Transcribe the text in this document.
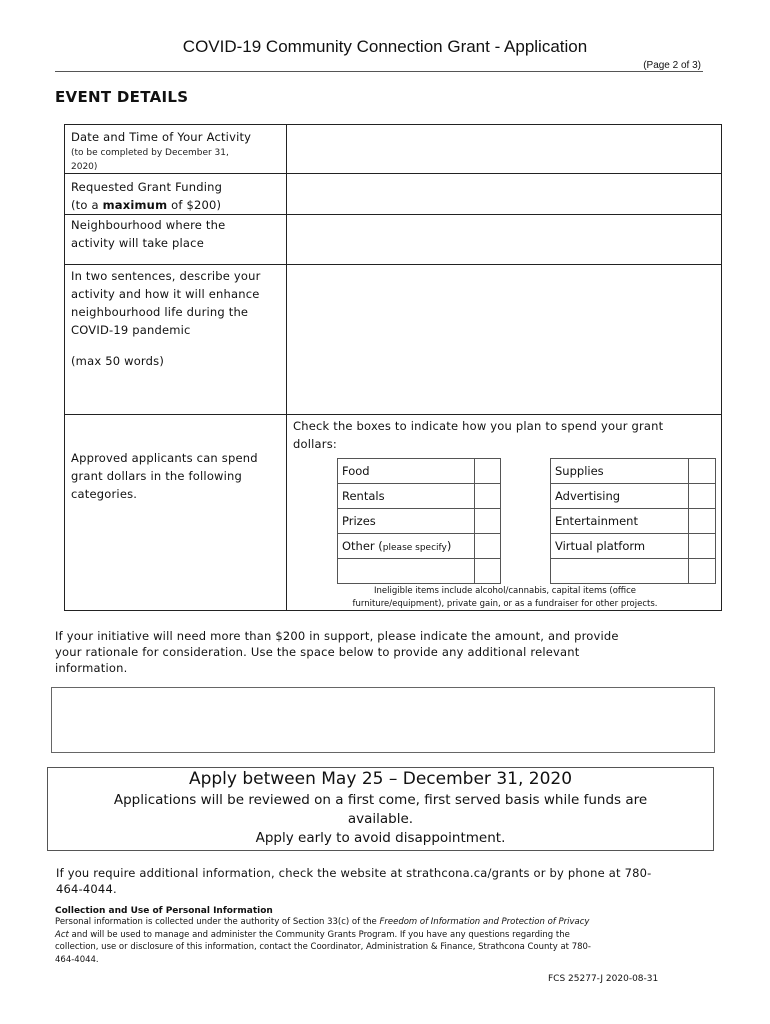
COVID-19 Community Connection Grant - Application
(Page 2 of 3)
EVENT DETAILS
Date and Time of Your Activity
(to be completed by December 31,
2020)
Requested Grant Funding
(to a maximum of $200)
Neighbourhood where the
activity will take place
In two sentences, describe your
activity and how it will enhance
neighbourhood life during the
COVID-19 pandemic
(max 50 words)
Approved applicants can spend
grant dollars in the following
categories.
Check the boxes to indicate how you plan to spend your grant
dollars:
Food
Rentals
Prizes
Other (please specify)
Supplies
Advertising
Entertainment
Virtual platform
Ineligible items include alcohol/cannabis, capital items (office
furniture/equipment), private gain, or as a fundraiser for other projects.
If your initiative will need more than $200 in support, please indicate the amount, and provide
your rationale for consideration. Use the space below to provide any additional relevant
information.
Apply between May 25 – December 31, 2020
Applications will be reviewed on a first come, first served basis while funds are
available.
Apply early to avoid disappointment.
If you require additional information, check the website at strathcona.ca/grants or by phone at 780-
464-4044.
Collection and Use of Personal Information
Personal information is collected under the authority of Section 33(c) of the Freedom of Information and Protection of Privacy
Act and will be used to manage and administer the Community Grants Program. If you have any questions regarding the
collection, use or disclosure of this information, contact the Coordinator, Administration & Finance, Strathcona County at 780-
464-4044.
FCS 25277-J 2020-08-31
